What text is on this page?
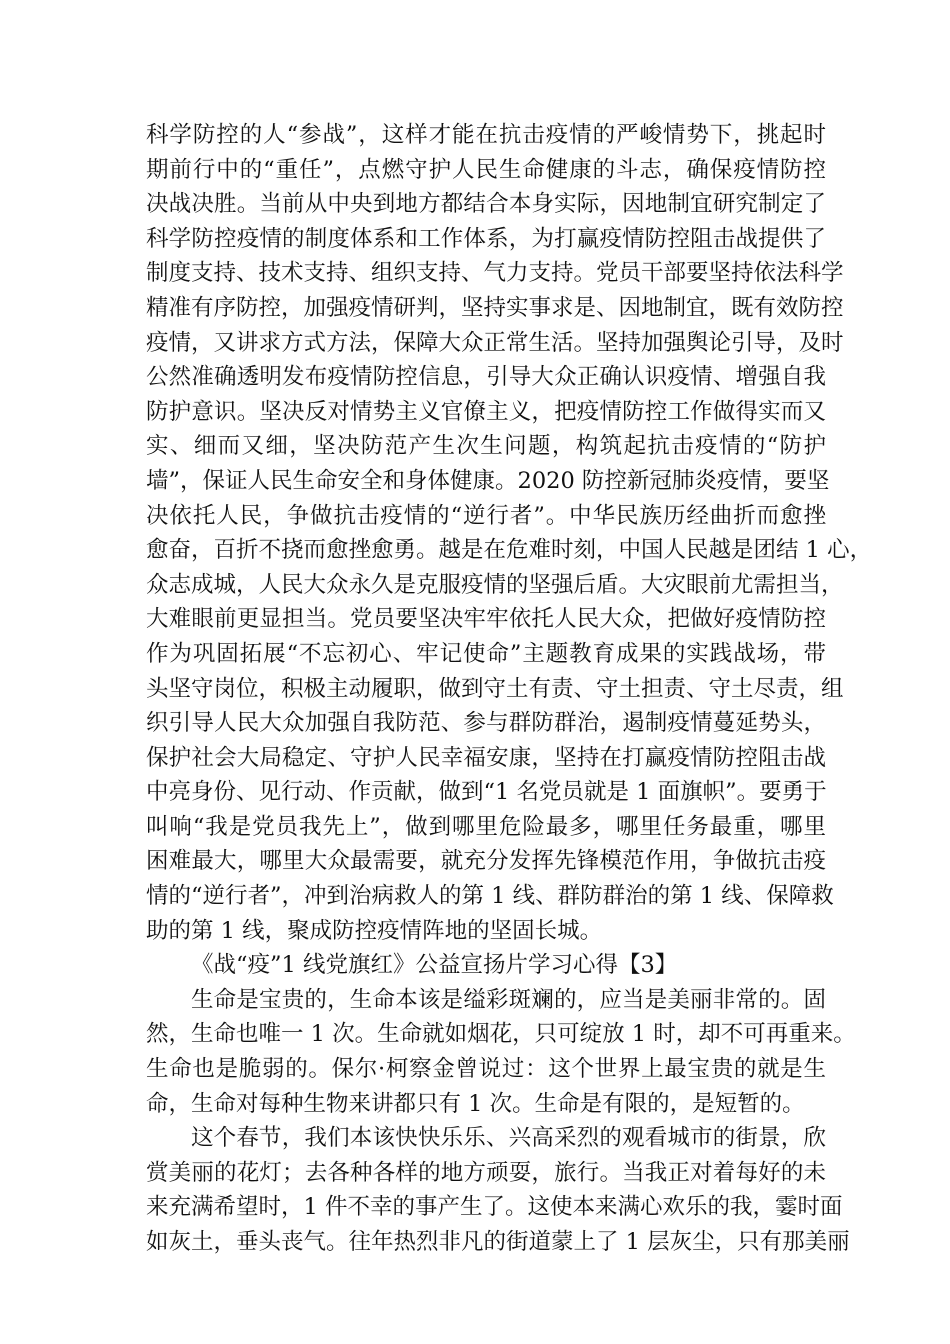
科学防控的人“参战”，这样才能在抗击疫情的严峻情势下，挑起时
期前行中的“重任”，点燃守护人民生命健康的斗志，确保疫情防控
决战决胜。当前从中央到地方都结合本身实际，因地制宜研究制定了
科学防控疫情的制度体系和工作体系，为打赢疫情防控阻击战提供了
制度支持、技术支持、组织支持、气力支持。党员干部要坚持依法科学
精准有序防控，加强疫情研判，坚持实事求是、因地制宜，既有效防控
疫情，又讲求方式方法，保障大众正常生活。坚持加强舆论引导，及时
公然准确透明发布疫情防控信息，引导大众正确认识疫情、增强自我
防护意识。坚决反对情势主义官僚主义，把疫情防控工作做得实而又
实、细而又细，坚决防范产生次生问题，构筑起抗击疫情的“防护
墙”，保证人民生命安全和身体健康。2020 防控新冠肺炎疫情，要坚
决依托人民，争做抗击疫情的“逆行者”。中华民族历经曲折而愈挫
愈奋，百折不挠而愈挫愈勇。越是在危难时刻，中国人民越是团结 1 心，
众志成城，人民大众永久是克服疫情的坚强后盾。大灾眼前尤需担当，
大难眼前更显担当。党员要坚决牢牢依托人民大众，把做好疫情防控
作为巩固拓展“不忘初心、牢记使命”主题教育成果的实践战场，带
头坚守岗位，积极主动履职，做到守土有责、守土担责、守土尽责，组
织引导人民大众加强自我防范、参与群防群治，遏制疫情蔓延势头，
保护社会大局稳定、守护人民幸福安康，坚持在打赢疫情防控阻击战
中亮身份、见行动、作贡献，做到“1 名党员就是 1 面旗帜”。要勇于
叫响“我是党员我先上”，做到哪里危险最多，哪里任务最重，哪里
困难最大，哪里大众最需要，就充分发挥先锋模范作用，争做抗击疫
情的“逆行者”，冲到治病救人的第 1 线、群防群治的第 1 线、保障救
助的第 1 线，聚成防控疫情阵地的坚固长城。
《战“疫”1 线党旗红》公益宣扬片学习心得【3】
生命是宝贵的，生命本该是缢彩斑斓的，应当是美丽非常的。固
然，生命也唯一 1 次。生命就如烟花，只可绽放 1 时，却不可再重来。
生命也是脆弱的。保尔·柯察金曾说过：这个世界上最宝贵的就是生
命，生命对每种生物来讲都只有 1 次。生命是有限的，是短暂的。
这个春节，我们本该快快乐乐、兴高采烈的观看城市的街景，欣
赏美丽的花灯；去各种各样的地方顽耍，旅行。当我正对着每好的未
来充满希望时，1 件不幸的事产生了。这使本来满心欢乐的我，霎时面
如灰土，垂头丧气。往年热烈非凡的街道蒙上了 1 层灰尘，只有那美丽
